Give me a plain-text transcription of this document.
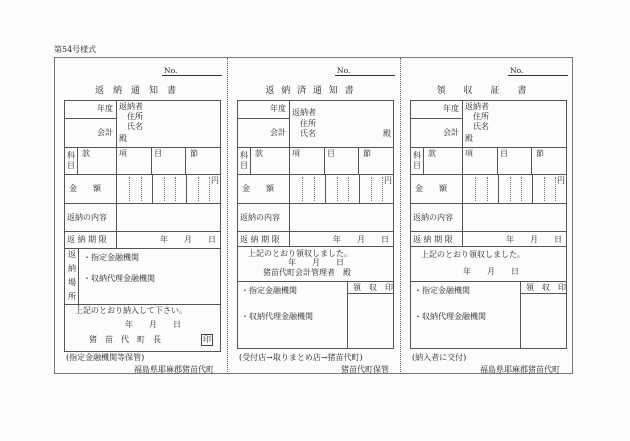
第54号様式
No.
返　納　通　知　書
年度
会計
返納者
住所
氏名
殿
科目
款	項	目	節
金　　額
円
返納の内容
返 納 期 限	年　　月　　日
返
納
場
所
・指定金融機関
・収納代理金融機関
上記のとおり納入して下さい。
年　　月　　日
猪　苗　代　町　長	印
(指定金融機関等保管)
福島県耶麻郡猪苗代町
No.
返 納 済 通 知 書
年度
会計
返納者
住所
氏名	殿
科目
款	項	目	節
金　　額
円
返納の内容
返 納 期 限	年　　月　　日
上記のとおり領収しました。
年　　月　　日
猪苗代町会計管理者　殿
・指定金融機関
・収納代理金融機関
領　収　印
(受付店→取りまとめ店→猪苗代町)
猪苗代町保管
No.
領　　収　　証　　書
年度
会計
返納者
住所
氏名
殿
科目
款	項	目	節
金　　額
円
返納の内容
返 納 期 限	年　　月　　日
上記のとおり領収しました。
年　　月　　日
・指定金融機関
・収納代理金融機関
領　収　印
(納入者に交付)
福島県耶麻郡猪苗代町
